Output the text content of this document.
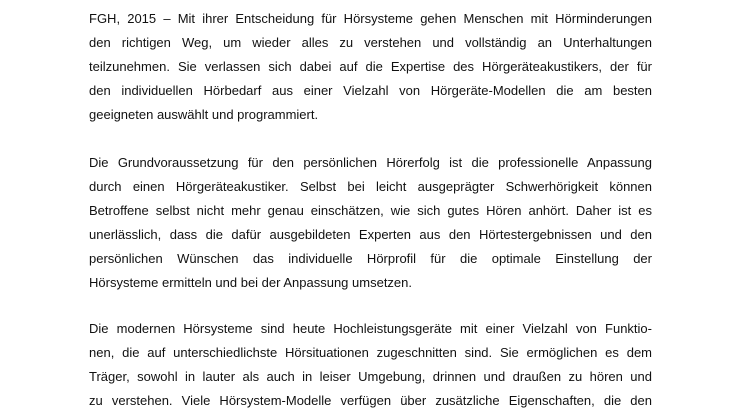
FGH, 2015 – Mit ihrer Entscheidung für Hörsysteme gehen Menschen mit Hörminderungen
den richtigen Weg, um wieder alles zu verstehen und vollständig an Unterhaltungen
teilzunehmen. Sie verlassen sich dabei auf die Expertise des Hörgeräteakustikers, der für
den individuellen Hörbedarf aus einer Vielzahl von Hörgeräte-Modellen die am besten
geeigneten auswählt und programmiert.
Die Grundvoraussetzung für den persönlichen Hörerfolg ist die professionelle Anpassung
durch einen Hörgeräteakustiker. Selbst bei leicht ausgeprägter Schwerhörigkeit können
Betroffene selbst nicht mehr genau einschätzen, wie sich gutes Hören anhört. Daher ist es
unerlässlich, dass die dafür ausgebildeten Experten aus den Hörtestergebnissen und den
persönlichen Wünschen das individuelle Hörprofil für die optimale Einstellung der
Hörsysteme ermitteln und bei der Anpassung umsetzen.
Die modernen Hörsysteme sind heute Hochleistungsgeräte mit einer Vielzahl von Funktio-
nen, die auf unterschiedlichste Hörsituationen zugeschnitten sind. Sie ermöglichen es dem
Träger, sowohl in lauter als auch in leiser Umgebung, drinnen und draußen zu hören und
zu verstehen. Viele Hörsystem-Modelle verfügen über zusätzliche Eigenschaften, die den
